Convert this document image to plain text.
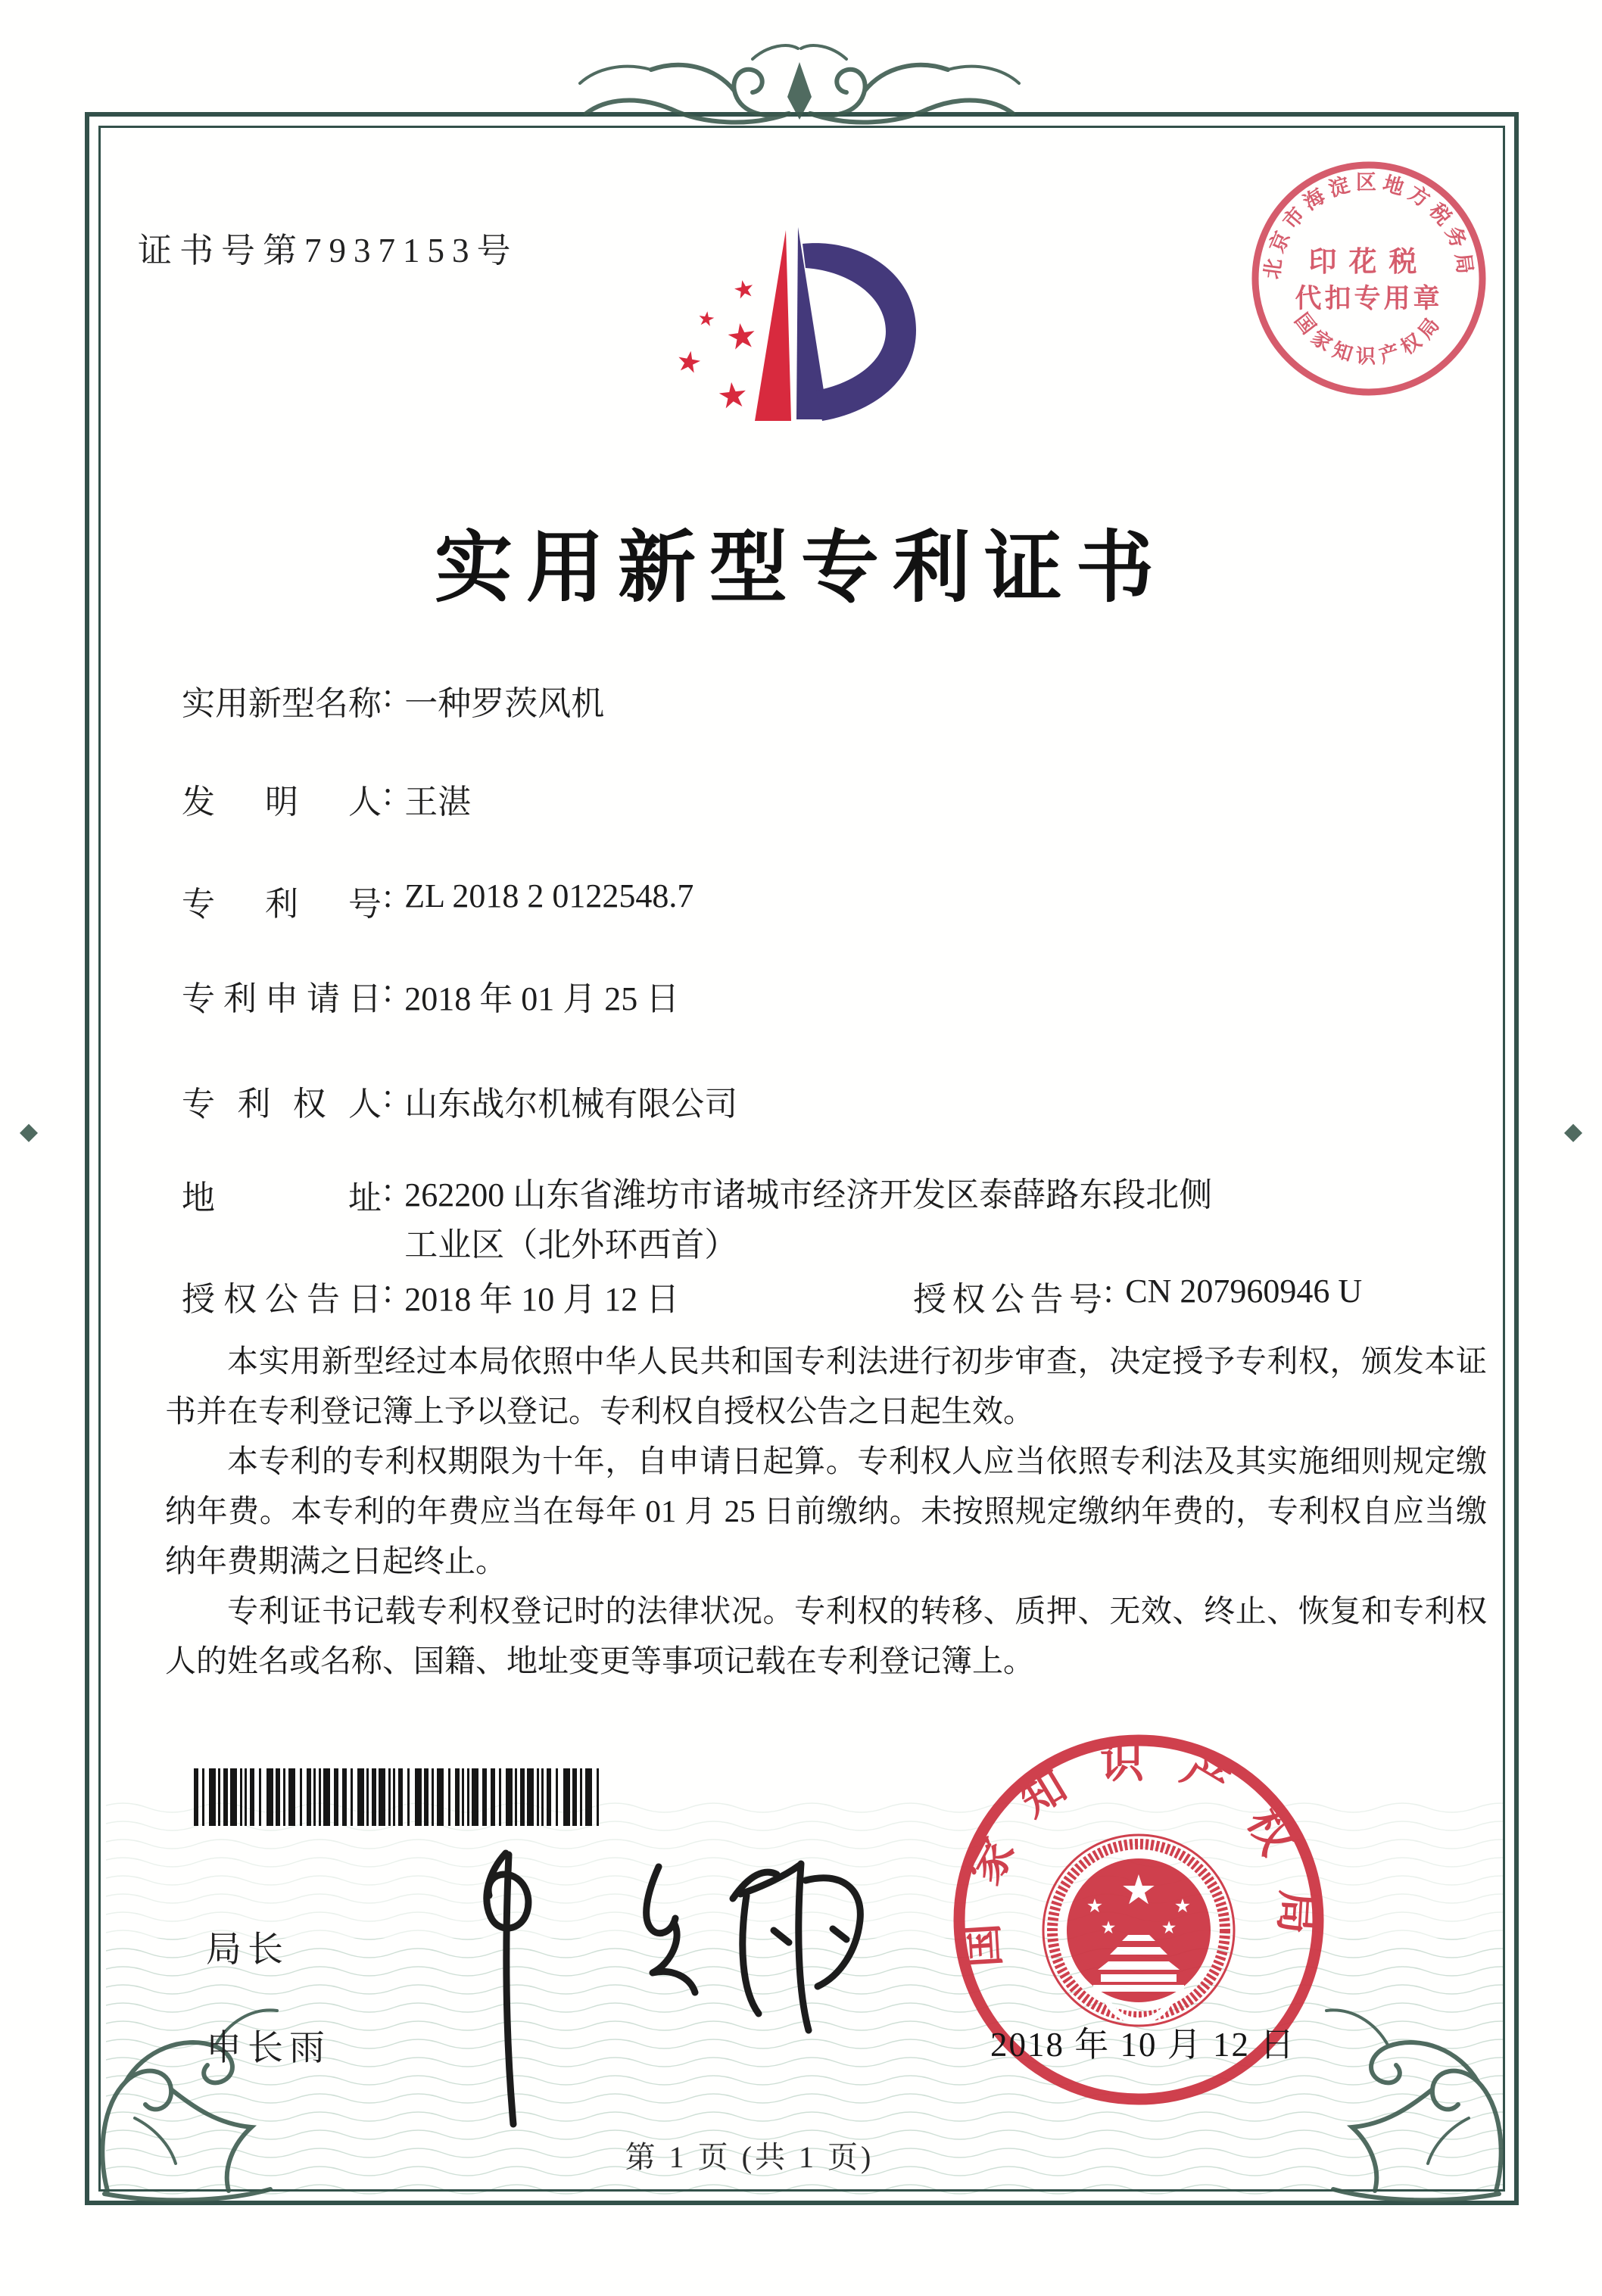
证书号第7937153号
★
★ ★
★
★
北京市海淀区地方税务局
国家知识产权局
印花税
代扣专用章
实用新型专利证书
实用新型名称: 一种罗茨风机
发明人: 王湛
专利号: ZL 2018 2 0122548.7
专利申请日: 2018 年 01 月 25 日
专利权人: 山东战尔机械有限公司
地址: 262200 山东省潍坊市诸城市经济开发区泰薛路东段北侧
工业区（北外环西首）
授权公告日: 2018 年 10 月 12 日	授权公告号: CN 207960946 U

本实用新型经过本局依照中华人民共和国专利法进行初步审查，决定授予专利权，颁发本证书并在专利登记簿上予以登记。专利权自授权公告之日起生效。

本专利的专利权期限为十年，自申请日起算。专利权人应当依照专利法及其实施细则规定缴纳年费。本专利的年费应当在每年 01 月 25 日前缴纳。未按照规定缴纳年费的，专利权自应当缴纳年费期满之日起终止。

专利证书记载专利权登记时的法律状况。专利权的转移、质押、无效、终止、恢复和专利权人的姓名或名称、国籍、地址变更等事项记载在专利登记簿上。

局长
申长雨
国家知识产权局
★
★	★
★	★
2018 年 10 月 12 日
第 1 页 (共 1 页)
